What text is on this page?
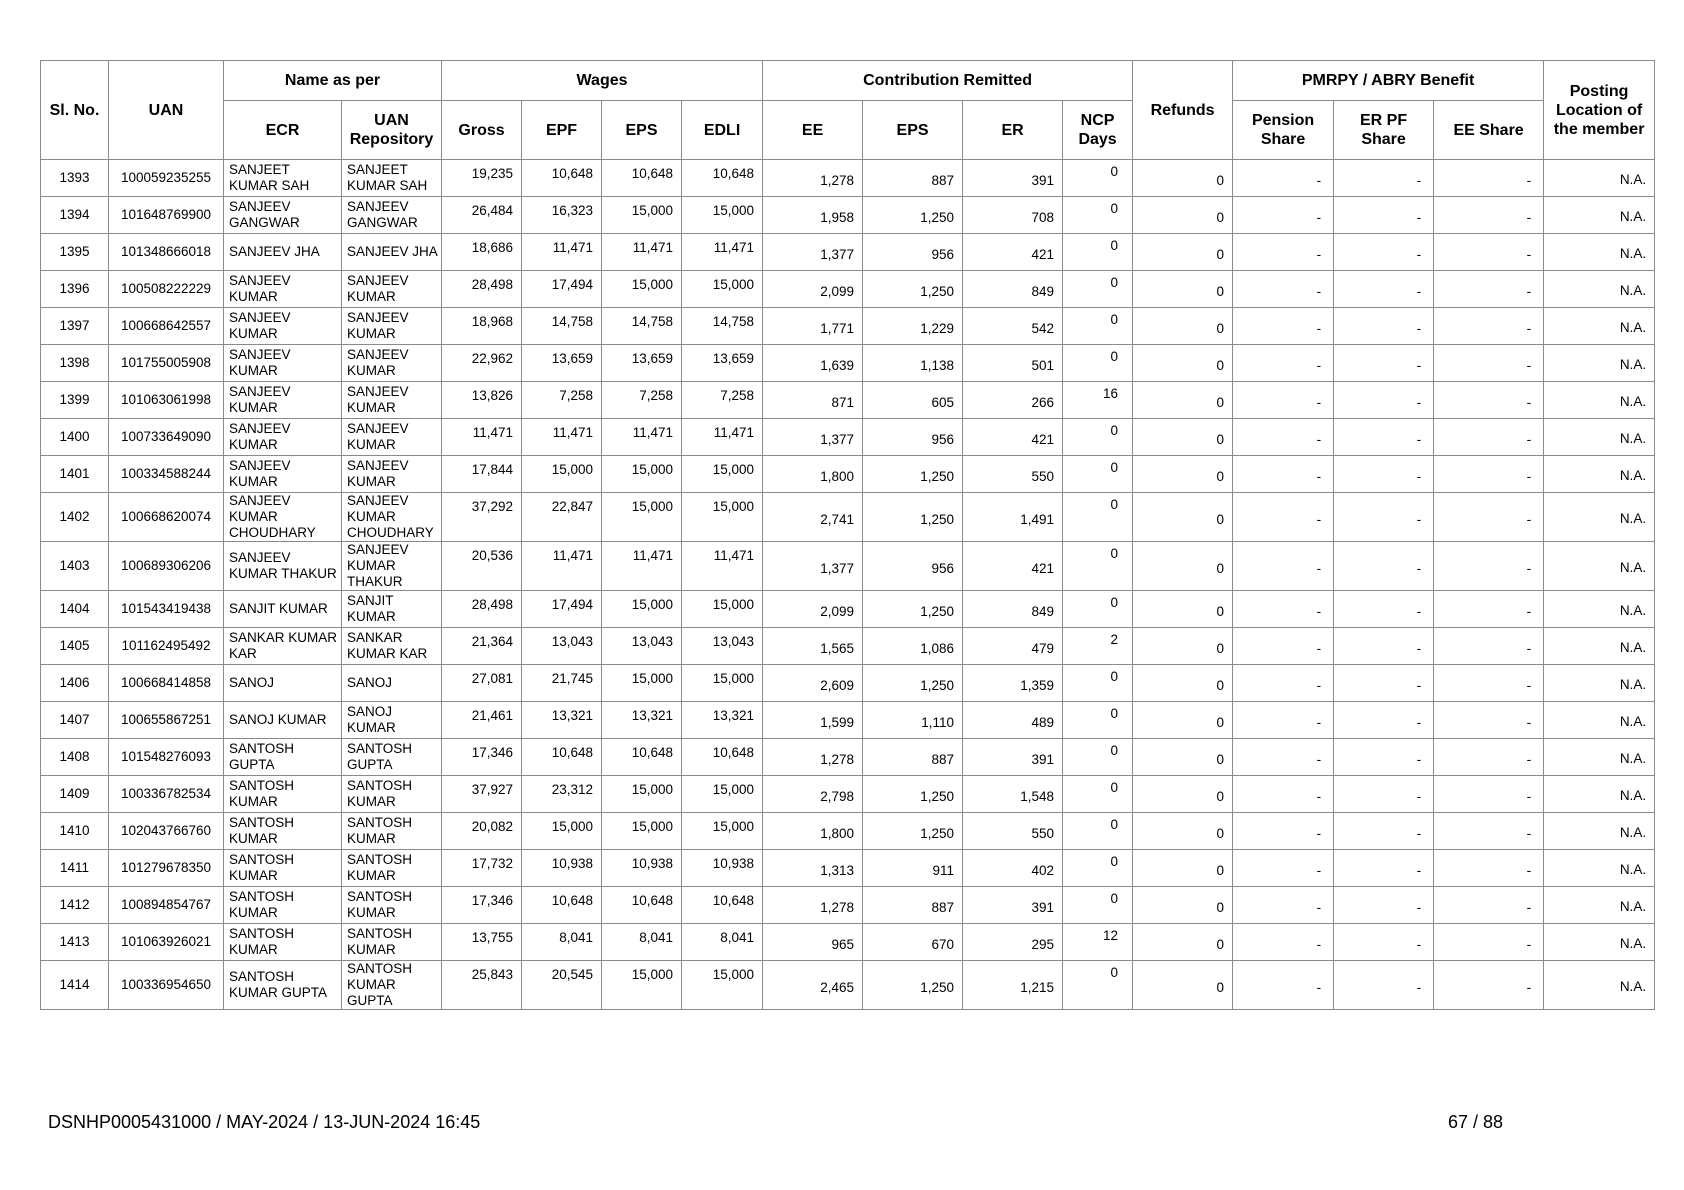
Sl. No.	UAN	Name as per		Wages				Contribution Remitted				Refunds	PMRPY / ABRY Benefit			Posting Location of the member
		ECR	UAN Repository	Gross	EPF	EPS	EDLI	EE	EPS	ER	NCP Days		Pension Share	ER PF Share	EE Share	
1393	100059235255	SANJEET KUMAR SAH	SANJEET KUMAR SAH	19,235	10,648	10,648	10,648	1,278	887	391	0	0	-	-	-	N.A.
1394	101648769900	SANJEEV GANGWAR	SANJEEV GANGWAR	26,484	16,323	15,000	15,000	1,958	1,250	708	0	0	-	-	-	N.A.
1395	101348666018	SANJEEV JHA	SANJEEV JHA	18,686	11,471	11,471	11,471	1,377	956	421	0	0	-	-	-	N.A.
1396	100508222229	SANJEEV KUMAR	SANJEEV KUMAR	28,498	17,494	15,000	15,000	2,099	1,250	849	0	0	-	-	-	N.A.
1397	100668642557	SANJEEV KUMAR	SANJEEV KUMAR	18,968	14,758	14,758	14,758	1,771	1,229	542	0	0	-	-	-	N.A.
1398	101755005908	SANJEEV KUMAR	SANJEEV KUMAR	22,962	13,659	13,659	13,659	1,639	1,138	501	0	0	-	-	-	N.A.
1399	101063061998	SANJEEV KUMAR	SANJEEV KUMAR	13,826	7,258	7,258	7,258	871	605	266	16	0	-	-	-	N.A.
1400	100733649090	SANJEEV KUMAR	SANJEEV KUMAR	11,471	11,471	11,471	11,471	1,377	956	421	0	0	-	-	-	N.A.
1401	100334588244	SANJEEV KUMAR	SANJEEV KUMAR	17,844	15,000	15,000	15,000	1,800	1,250	550	0	0	-	-	-	N.A.
1402	100668620074	SANJEEV KUMAR CHOUDHARY	SANJEEV KUMAR CHOUDHARY	37,292	22,847	15,000	15,000	2,741	1,250	1,491	0	0	-	-	-	N.A.
1403	100689306206	SANJEEV KUMAR THAKUR	SANJEEV KUMAR THAKUR	20,536	11,471	11,471	11,471	1,377	956	421	0	0	-	-	-	N.A.
1404	101543419438	SANJIT KUMAR	SANJIT KUMAR	28,498	17,494	15,000	15,000	2,099	1,250	849	0	0	-	-	-	N.A.
1405	101162495492	SANKAR KUMAR KAR	SANKAR KUMAR KAR	21,364	13,043	13,043	13,043	1,565	1,086	479	2	0	-	-	-	N.A.
1406	100668414858	SANOJ	SANOJ	27,081	21,745	15,000	15,000	2,609	1,250	1,359	0	0	-	-	-	N.A.
1407	100655867251	SANOJ KUMAR	SANOJ KUMAR	21,461	13,321	13,321	13,321	1,599	1,110	489	0	0	-	-	-	N.A.
1408	101548276093	SANTOSH GUPTA	SANTOSH GUPTA	17,346	10,648	10,648	10,648	1,278	887	391	0	0	-	-	-	N.A.
1409	100336782534	SANTOSH KUMAR	SANTOSH KUMAR	37,927	23,312	15,000	15,000	2,798	1,250	1,548	0	0	-	-	-	N.A.
1410	102043766760	SANTOSH KUMAR	SANTOSH KUMAR	20,082	15,000	15,000	15,000	1,800	1,250	550	0	0	-	-	-	N.A.
1411	101279678350	SANTOSH KUMAR	SANTOSH KUMAR	17,732	10,938	10,938	10,938	1,313	911	402	0	0	-	-	-	N.A.
1412	100894854767	SANTOSH KUMAR	SANTOSH KUMAR	17,346	10,648	10,648	10,648	1,278	887	391	0	0	-	-	-	N.A.
1413	101063926021	SANTOSH KUMAR	SANTOSH KUMAR	13,755	8,041	8,041	8,041	965	670	295	12	0	-	-	-	N.A.
1414	100336954650	SANTOSH KUMAR GUPTA	SANTOSH KUMAR GUPTA	25,843	20,545	15,000	15,000	2,465	1,250	1,215	0	0	-	-	-	N.A.
DSNHP0005431000 / MAY-2024 / 13-JUN-2024 16:45	67 / 88
